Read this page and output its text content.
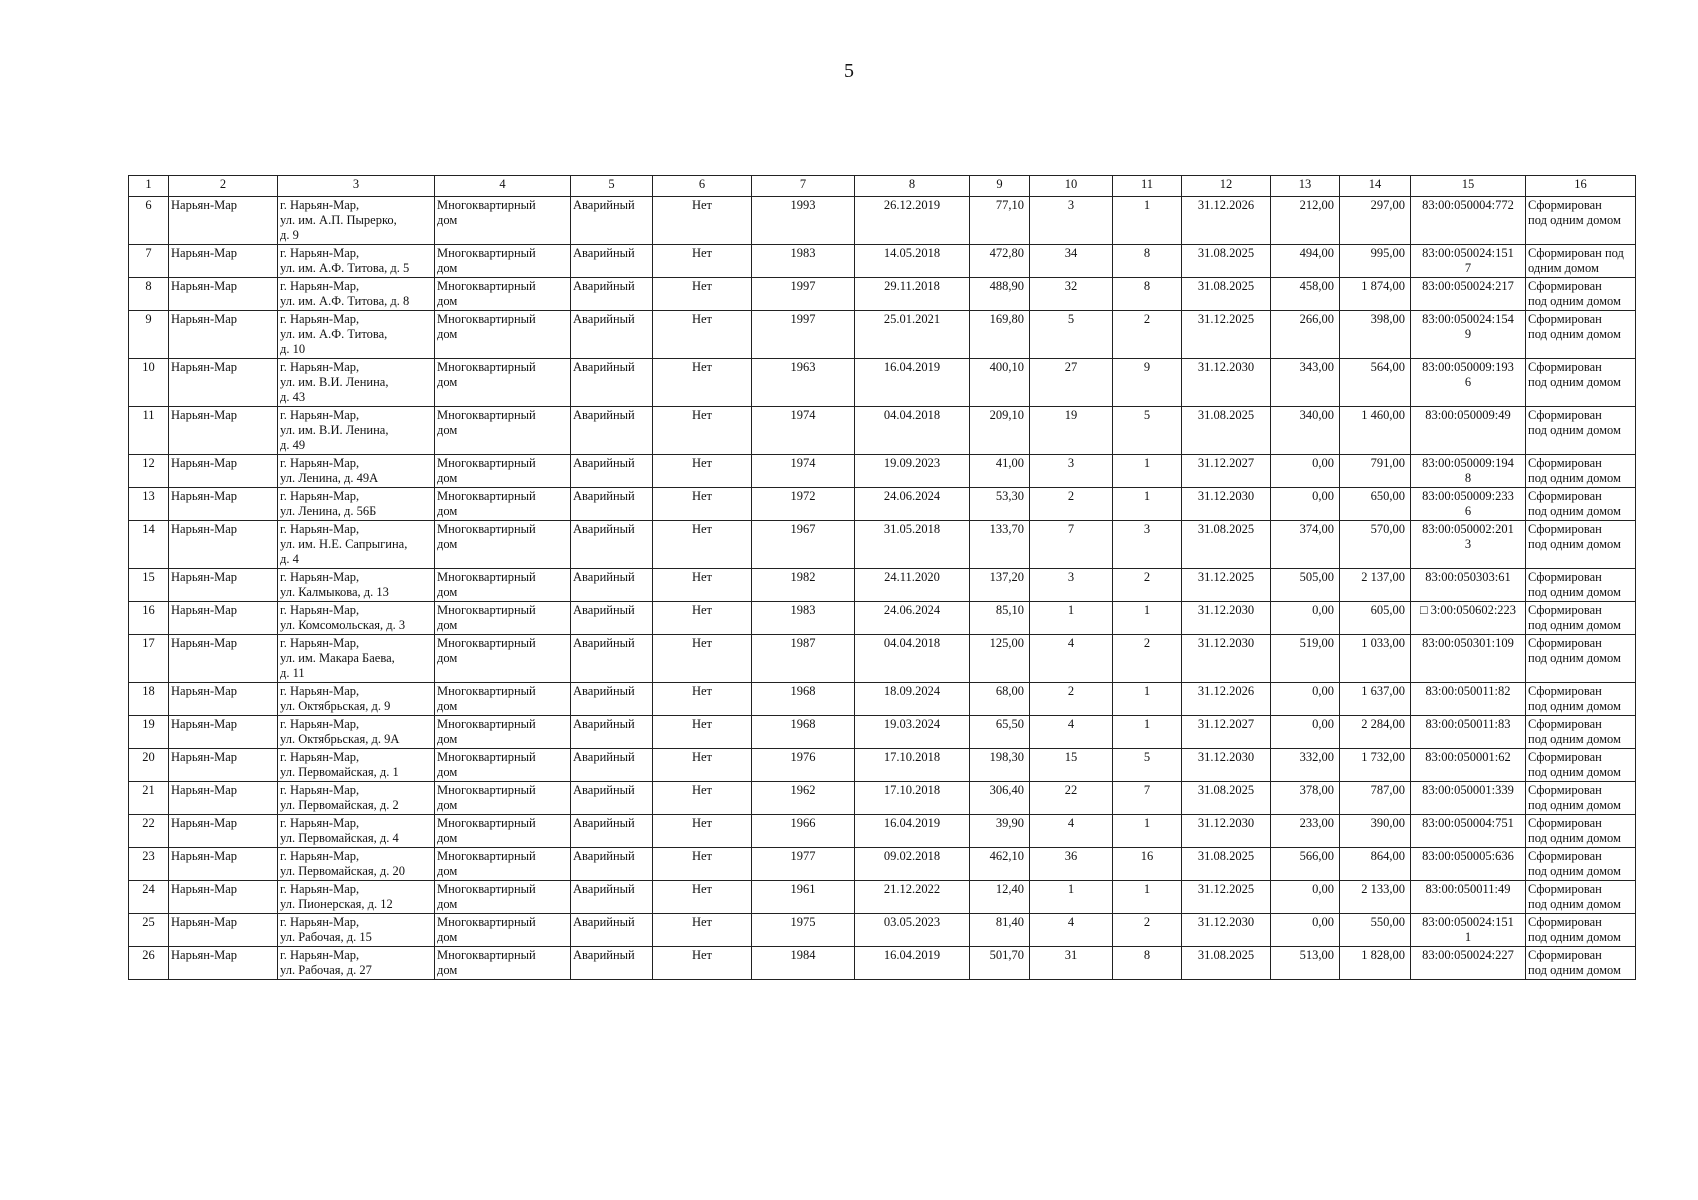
5
1	2	3	4	5	6	7	8	9	10	11	12	13	14	15	16
6	Нарьян-Мар	г. Нарьян-Мар,
ул. им. А.П. Пырерко,
д. 9	Многоквартирный
дом	Аварийный	Нет	1993	26.12.2019	77,10	3	1	31.12.2026	212,00	297,00	83:00:050004:772	Сформирован
под одним домом

7	Нарьян-Мар	г. Нарьян-Мар,
ул. им. А.Ф. Титова, д. 5	Многоквартирный
дом	Аварийный	Нет	1983	14.05.2018	472,80	34	8	31.08.2025	494,00	995,00	83:00:050024:151
7	Сформирован под
одним домом

8	Нарьян-Мар	г. Нарьян-Мар,
ул. им. А.Ф. Титова, д. 8	Многоквартирный
дом	Аварийный	Нет	1997	29.11.2018	488,90	32	8	31.08.2025	458,00	1 874,00	83:00:050024:217	Сформирован
под одним домом

9	Нарьян-Мар	г. Нарьян-Мар,
ул. им. А.Ф. Титова,
д. 10	Многоквартирный
дом	Аварийный	Нет	1997	25.01.2021	169,80	5	2	31.12.2025	266,00	398,00	83:00:050024:154
9	Сформирован
под одним домом

10	Нарьян-Мар	г. Нарьян-Мар,
ул. им. В.И. Ленина,
д. 43	Многоквартирный
дом	Аварийный	Нет	1963	16.04.2019	400,10	27	9	31.12.2030	343,00	564,00	83:00:050009:193
6	Сформирован
под одним домом

11	Нарьян-Мар	г. Нарьян-Мар,
ул. им. В.И. Ленина,
д. 49	Многоквартирный
дом	Аварийный	Нет	1974	04.04.2018	209,10	19	5	31.08.2025	340,00	1 460,00	83:00:050009:49	Сформирован
под одним домом

12	Нарьян-Мар	г. Нарьян-Мар,
ул. Ленина, д. 49А	Многоквартирный
дом	Аварийный	Нет	1974	19.09.2023	41,00	3	1	31.12.2027	0,00	791,00	83:00:050009:194
8	Сформирован
под одним домом

13	Нарьян-Мар	г. Нарьян-Мар,
ул. Ленина, д. 56Б	Многоквартирный
дом	Аварийный	Нет	1972	24.06.2024	53,30	2	1	31.12.2030	0,00	650,00	83:00:050009:233
6	Сформирован
под одним домом

14	Нарьян-Мар	г. Нарьян-Мар,
ул. им. Н.Е. Сапрыгина,
д. 4	Многоквартирный
дом	Аварийный	Нет	1967	31.05.2018	133,70	7	3	31.08.2025	374,00	570,00	83:00:050002:201
3	Сформирован
под одним домом

15	Нарьян-Мар	г. Нарьян-Мар,
ул. Калмыкова, д. 13	Многоквартирный
дом	Аварийный	Нет	1982	24.11.2020	137,20	3	2	31.12.2025	505,00	2 137,00	83:00:050303:61	Сформирован
под одним домом

16	Нарьян-Мар	г. Нарьян-Мар,
ул. Комсомольская, д. 3	Многоквартирный
дом	Аварийный	Нет	1983	24.06.2024	85,10	1	1	31.12.2030	0,00	605,00	□ 3:00:050602:223	Сформирован
под одним домом

17	Нарьян-Мар	г. Нарьян-Мар,
ул. им. Макара Баева,
д. 11	Многоквартирный
дом	Аварийный	Нет	1987	04.04.2018	125,00	4	2	31.12.2030	519,00	1 033,00	83:00:050301:109	Сформирован
под одним домом

18	Нарьян-Мар	г. Нарьян-Мар,
ул. Октябрьская, д. 9	Многоквартирный
дом	Аварийный	Нет	1968	18.09.2024	68,00	2	1	31.12.2026	0,00	1 637,00	83:00:050011:82	Сформирован
под одним домом

19	Нарьян-Мар	г. Нарьян-Мар,
ул. Октябрьская, д. 9А	Многоквартирный
дом	Аварийный	Нет	1968	19.03.2024	65,50	4	1	31.12.2027	0,00	2 284,00	83:00:050011:83	Сформирован
под одним домом

20	Нарьян-Мар	г. Нарьян-Мар,
ул. Первомайская, д. 1	Многоквартирный
дом	Аварийный	Нет	1976	17.10.2018	198,30	15	5	31.12.2030	332,00	1 732,00	83:00:050001:62	Сформирован
под одним домом

21	Нарьян-Мар	г. Нарьян-Мар,
ул. Первомайская, д. 2	Многоквартирный
дом	Аварийный	Нет	1962	17.10.2018	306,40	22	7	31.08.2025	378,00	787,00	83:00:050001:339	Сформирован
под одним домом

22	Нарьян-Мар	г. Нарьян-Мар,
ул. Первомайская, д. 4	Многоквартирный
дом	Аварийный	Нет	1966	16.04.2019	39,90	4	1	31.12.2030	233,00	390,00	83:00:050004:751	Сформирован
под одним домом

23	Нарьян-Мар	г. Нарьян-Мар,
ул. Первомайская, д. 20	Многоквартирный
дом	Аварийный	Нет	1977	09.02.2018	462,10	36	16	31.08.2025	566,00	864,00	83:00:050005:636	Сформирован
под одним домом

24	Нарьян-Мар	г. Нарьян-Мар,
ул. Пионерская, д. 12	Многоквартирный
дом	Аварийный	Нет	1961	21.12.2022	12,40	1	1	31.12.2025	0,00	2 133,00	83:00:050011:49	Сформирован
под одним домом

25	Нарьян-Мар	г. Нарьян-Мар,
ул. Рабочая, д. 15	Многоквартирный
дом	Аварийный	Нет	1975	03.05.2023	81,40	4	2	31.12.2030	0,00	550,00	83:00:050024:151
1	Сформирован
под одним домом

26	Нарьян-Мар	г. Нарьян-Мар,
ул. Рабочая, д. 27	Многоквартирный
дом	Аварийный	Нет	1984	16.04.2019	501,70	31	8	31.08.2025	513,00	1 828,00	83:00:050024:227	Сформирован
под одним домом
